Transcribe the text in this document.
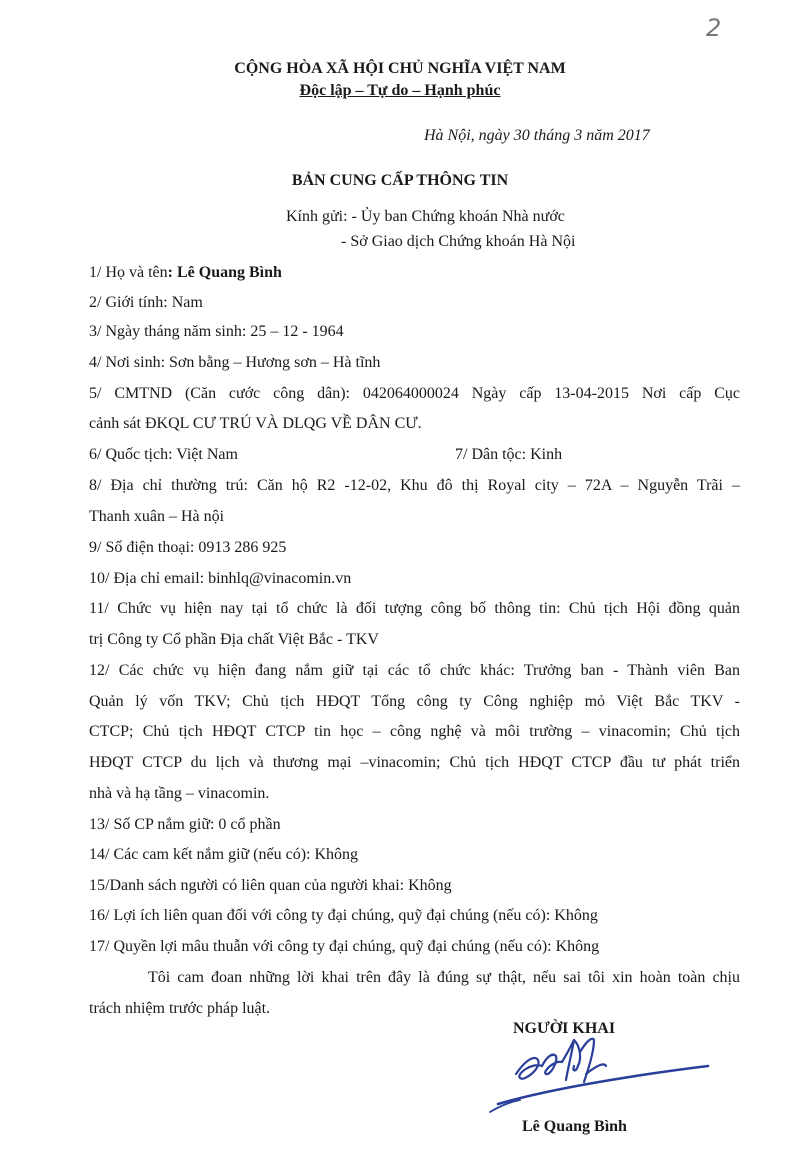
2
CỘNG HÒA XÃ HỘI CHỦ NGHĨA VIỆT NAM
Độc lập – Tự do – Hạnh phúc
Hà Nội, ngày 30 tháng 3 năm 2017
BẢN CUNG CẤP THÔNG TIN
Kính gửi: - Ủy ban Chứng khoán Nhà nước
- Sở Giao dịch Chứng khoán Hà Nội
1/ Họ và tên: Lê Quang Bình
2/ Giới tính: Nam
3/ Ngày tháng năm sinh: 25 – 12 - 1964
4/ Nơi sinh: Sơn bằng – Hương sơn – Hà tĩnh
5/ CMTND (Căn cước công dân): 042064000024 Ngày cấp 13-04-2015 Nơi cấp Cục
cảnh sát ĐKQL CƯ TRÚ VÀ DLQG VỀ DÂN CƯ.
6/ Quốc tịch: Việt Nam	7/ Dân tộc: Kinh
8/ Địa chỉ thường trú: Căn hộ R2 -12-02, Khu đô thị Royal city – 72A – Nguyễn Trãi –
Thanh xuân – Hà nội
9/ Số điện thoại: 0913 286 925
10/ Địa chỉ email: binhlq@vinacomin.vn
11/ Chức vụ hiện nay tại tổ chức là đối tượng công bố thông tin: Chủ tịch Hội đồng quản
trị Công ty Cổ phần Địa chất Việt Bắc - TKV
12/ Các chức vụ hiện đang nắm giữ tại các tổ chức khác: Trưởng ban - Thành viên Ban
Quản lý vốn TKV; Chủ tịch HĐQT Tổng công ty Công nghiệp mỏ Việt Bắc TKV -
CTCP; Chủ tịch HĐQT CTCP tin học – công nghệ và môi trường – vinacomin; Chủ tịch
HĐQT CTCP du lịch và thương mại –vinacomin; Chủ tịch HĐQT CTCP đầu tư phát triển
nhà và hạ tầng – vinacomin.
13/ Số CP nắm giữ: 0 cổ phần
14/ Các cam kết nắm giữ (nếu có): Không
15/Danh sách người có liên quan của người khai: Không
16/ Lợi ích liên quan đối với công ty đại chúng, quỹ đại chúng (nếu có): Không
17/ Quyền lợi mâu thuẫn với công ty đại chúng, quỹ đại chúng (nếu có): Không
Tôi cam đoan những lời khai trên đây là đúng sự thật, nếu sai tôi xin hoàn toàn chịu
trách nhiệm trước pháp luật.
NGƯỜI KHAI
Lê Quang Bình
